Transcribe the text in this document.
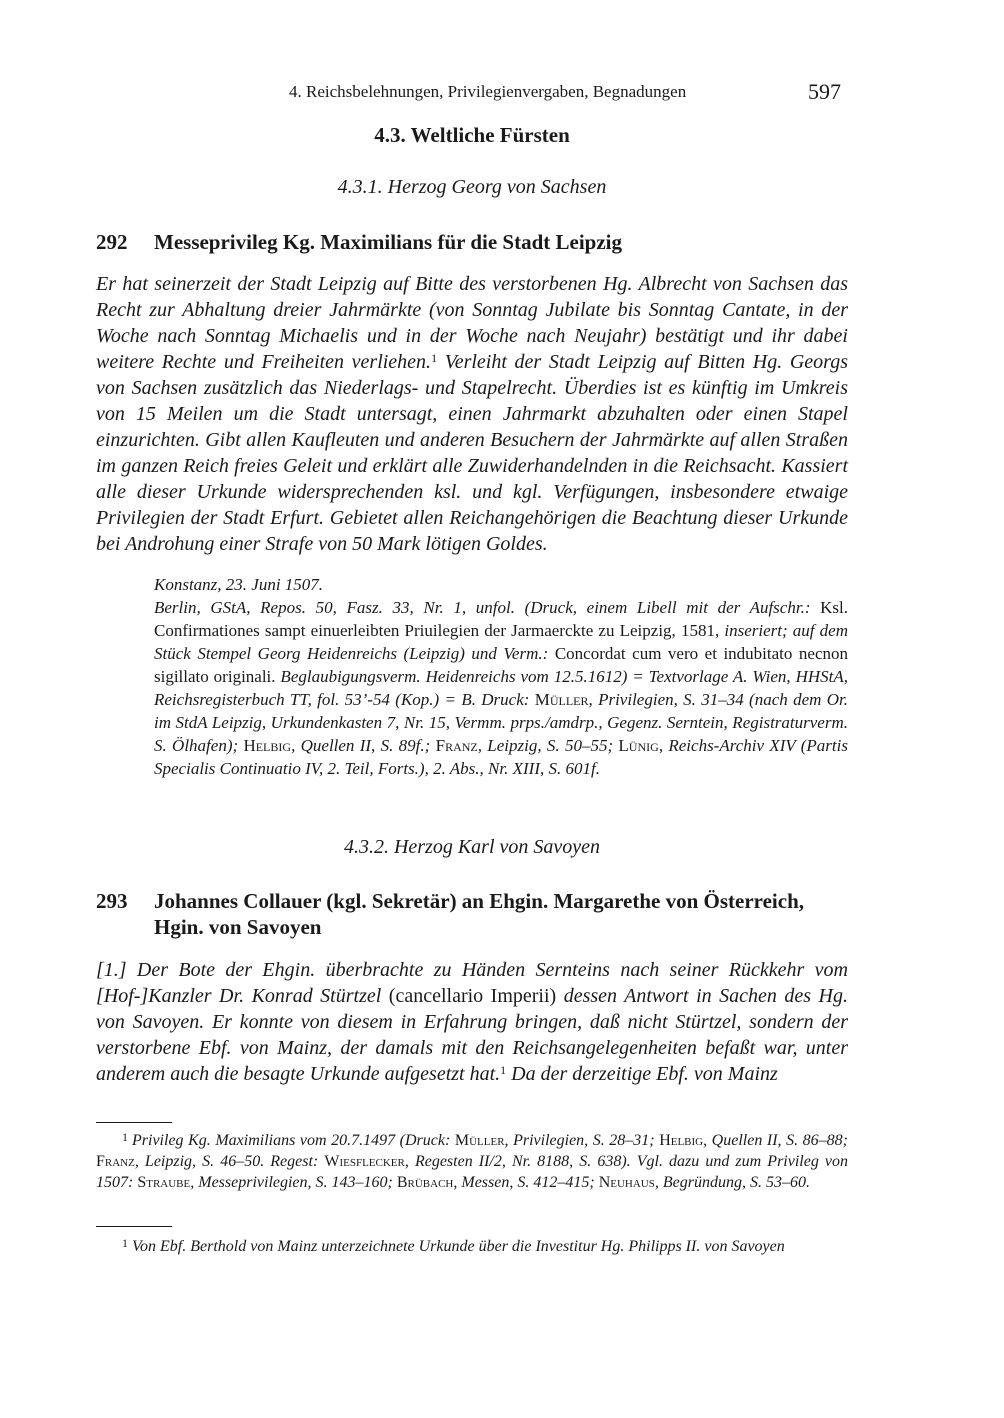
4. Reichsbelehnungen, Privilegienvergaben, Begnadungen	597
4.3. Weltliche Fürsten
4.3.1. Herzog Georg von Sachsen
292 Messeprivileg Kg. Maximilians für die Stadt Leipzig

Er hat seinerzeit der Stadt Leipzig auf Bitte des verstorbenen Hg. Albrecht von Sachsen das Recht zur Abhaltung dreier Jahrmärkte (von Sonntag Jubilate bis Sonntag Cantate, in der Woche nach Sonntag Michaelis und in der Woche nach Neujahr) bestätigt und ihr dabei weitere Rechte und Freiheiten verliehen.$^1$ Verleiht der Stadt Leipzig auf Bitten Hg. Georgs von Sachsen zusätzlich das Niederlags- und Stapelrecht. Überdies ist es künftig im Umkreis von 15 Meilen um die Stadt untersagt, einen Jahrmarkt abzuhalten oder einen Stapel einzurichten. Gibt allen Kaufleuten und anderen Besuchern der Jahrmärkte auf allen Straßen im ganzen Reich freies Geleit und erklärt alle Zuwiderhandelnden in die Reichsacht. Kassiert alle dieser Urkunde widersprechenden ksl. und kgl. Verfügungen, insbesondere etwaige Privilegien der Stadt Erfurt. Gebietet allen Reichangehörigen die Beachtung dieser Urkunde bei Androhung einer Strafe von 50 Mark lötigen Goldes.

Konstanz, 23. Juni 1507.

Berlin, GStA, Repos. 50, Fasz. 33, Nr. 1, unfol. (Druck, einem Libell mit der Aufschr.: Ksl. Confirmationes sampt einuerleibten Priuilegien der Jarmaerckte zu Leipzig, 1581, inseriert; auf dem Stück Stempel Georg Heidenreichs (Leipzig) und Verm.: Concordat cum vero et indubitato necnon sigillato originali. Beglaubigungsverm. Heidenreichs vom 12.5.1612) = Textvorlage A. Wien, HHStA, Reichsregisterbuch TT, fol. 53’-54 (Kop.) = B. Druck: Müller, Privilegien, S. 31–34 (nach dem Or. im StdA Leipzig, Urkundenkasten 7, Nr. 15, Vermm. prps./amdrp., Gegenz. Serntein, Registraturverm. S. Ölhafen); Helbig, Quellen II, S. 89f.; Franz, Leipzig, S. 50–55; Lünig, Reichs-Archiv XIV (Partis Specialis Continuatio IV, 2. Teil, Forts.), 2. Abs., Nr. XIII, S. 601f.

4.3.2. Herzog Karl von Savoyen
293 Johannes Collauer (kgl. Sekretär) an Ehgin. Margarethe von Österreich, Hgin. von Savoyen

[1.] Der Bote der Ehgin. überbrachte zu Händen Sernteins nach seiner Rückkehr vom [Hof-]Kanzler Dr. Konrad Stürtzel (cancellario Imperii) dessen Antwort in Sachen des Hg. von Savoyen. Er konnte von diesem in Erfahrung bringen, daß nicht Stürtzel, sondern der verstorbene Ebf. von Mainz, der damals mit den Reichsangelegenheiten befaßt war, unter anderem auch die besagte Urkunde aufgesetzt hat.$^1$ Da der derzeitige Ebf. von Mainz

$^1$ Privileg Kg. Maximilians vom 20.7.1497 (Druck: Müller, Privilegien, S. 28–31; Helbig, Quellen II, S. 86–88; Franz, Leipzig, S. 46–50. Regest: Wiesflecker, Regesten II/2, Nr. 8188, S. 638). Vgl. dazu und zum Privileg von 1507: Straube, Messeprivilegien, S. 143–160; Brübach, Messen, S. 412–415; Neuhaus, Begründung, S. 53–60.

$^1$ Von Ebf. Berthold von Mainz unterzeichnete Urkunde über die Investitur Hg. Philipps II. von Savoyen
